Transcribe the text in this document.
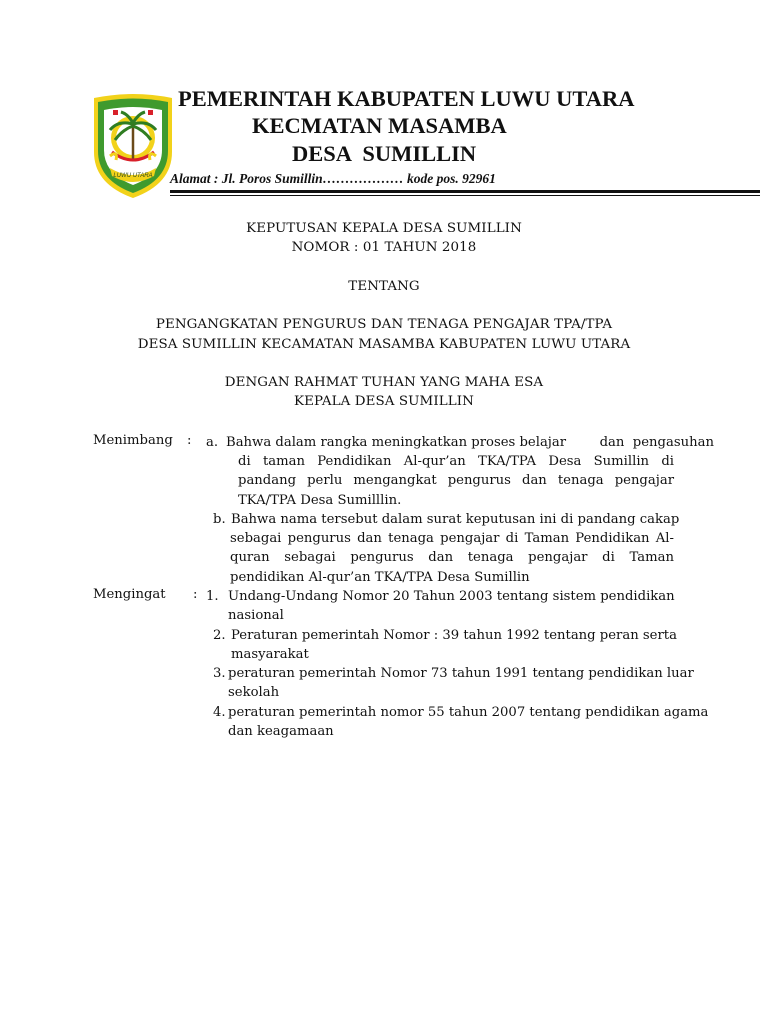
LUWU UTARA
PEMERINTAH KABUPATEN LUWU UTARA
KECMATAN MASAMBA
DESA SUMILLIN
Alamat : Jl. Poros Sumillin……………… kode pos. 92961
KEPUTUSAN KEPALA DESA SUMILLIN
NOMOR : 01 TAHUN 2018
TENTANG
PENGANGKATAN PENGURUS DAN TENAGA PENGAJAR TPA/TPA
DESA SUMILLIN KECAMATAN MASAMBA KABUPATEN LUWU UTARA
DENGAN RAHMAT TUHAN YANG MAHA ESA
KEPALA DESA SUMILLIN
Menimbang : a. Bahwa dalam rangka meningkatkan proses belajar        dan  pengasuhan
di taman Pendidikan Al-qur’an TKA/TPA Desa Sumillin di pandang perlu mengangkat pengurus dan tenaga pengajar TKA/TPA Desa Sumilllin.
b. Bahwa nama tersebut dalam surat keputusan ini di pandang cakap
sebagai pengurus dan tenaga pengajar di Taman Pendidikan Al-quran sebagai pengurus dan tenaga pengajar di Taman pendidikan Al-qur’an TKA/TPA Desa Sumillin
Mengingat : 1. Undang-Undang Nomor 20 Tahun 2003 tentang sistem pendidikan
nasional
2. Peraturan pemerintah Nomor : 39 tahun 1992 tentang peran serta
masyarakat
3. peraturan pemerintah Nomor 73 tahun 1991 tentang pendidikan luar
sekolah
4. peraturan pemerintah nomor 55 tahun 2007 tentang pendidikan agama
dan keagamaan
